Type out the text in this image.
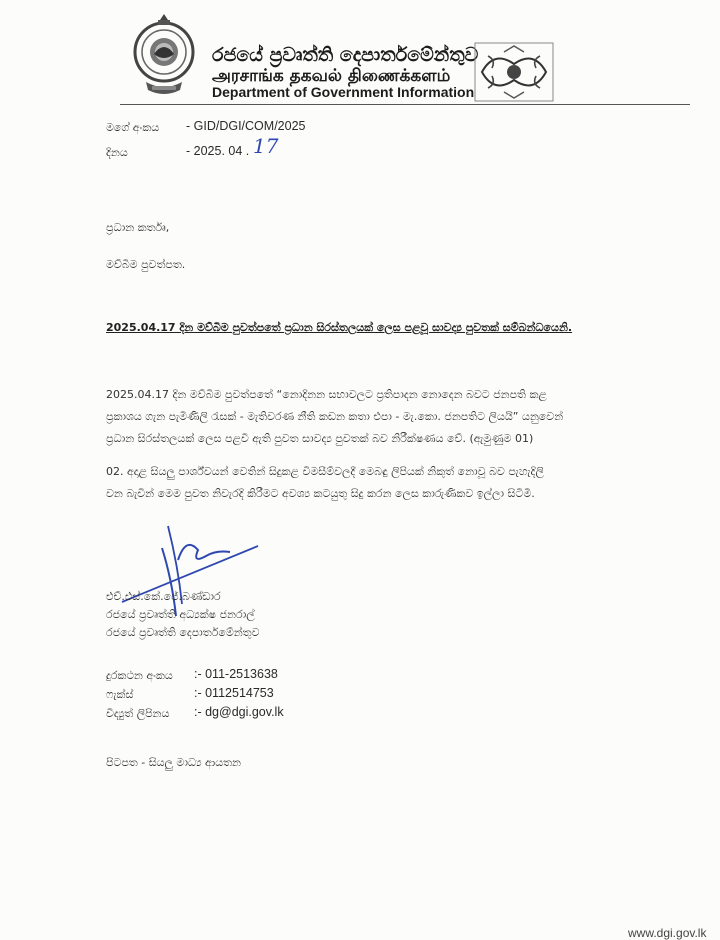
රජයේ ප්‍රවෘත්ති දෙපාර්තමේන්තුව
அரசாங்க தகவல் திணைக்களம்
Department of Government Information
මගේ අංකය - GID/DGI/COM/2025
දිනය	- 2025. 04 . 17
ප්‍රධාන කර්තෘ,
මව්බිම පුවත්පත.
2025.04.17 දින මව්බිම පුවත්පතේ ප්‍රධාන සිරස්තලයක් ලෙස පළවූ සාවද්‍ය පුවතක් සම්බන්ධයෙනි.
2025.04.17 දින මව්බිම පුවත්පතේ “නොදිනන සභාවලට ප්‍රතිපාදන නොදෙන බවට ජනපති කළ
ප්‍රකාශය ගැන පැමිණිලි රැසක් - මැතිවරණ නීති කඩන කතා එපා - මැ.කො. ජනපතිට ලියයි” යනුවෙන්
ප්‍රධාන සිරස්තලයක් ලෙස පළවී ඇති පුවත සාවද්‍ය පුවතක් බව නිරීක්ෂණය වේ. (ඇමුණුම 01)
02. අදාළ සියලු පාර්ශ්වයන් වෙතින් සිදුකළ විමසීම්වලදී මෙබඳු ලිපියක් නිකුත් නොවූ බව පැහැදිලි
වන බැවින් මෙම පුවත නිවැරදි කිරීමට අවශ්‍ය කටයුතු සිදු කරන ලෙස කාරුණිකව ඉල්ලා සිටිමි.
එච්.එස්.කේ.ජේ.බණ්ඩාර
රජයේ ප්‍රවෘත්ති අධ්‍යක්ෂ ජනරාල්
රජයේ ප්‍රවෘත්ති දෙපාර්තමේන්තුව
දුරකථන අංකය :- 011-2513638
ෆැක්ස්	:- 0112514753
විද්‍යුත් ලිපිනය :- dg@dgi.gov.lk
පිටපත - සියලු මාධ්‍ය ආයතන
www.dgi.gov.lk
